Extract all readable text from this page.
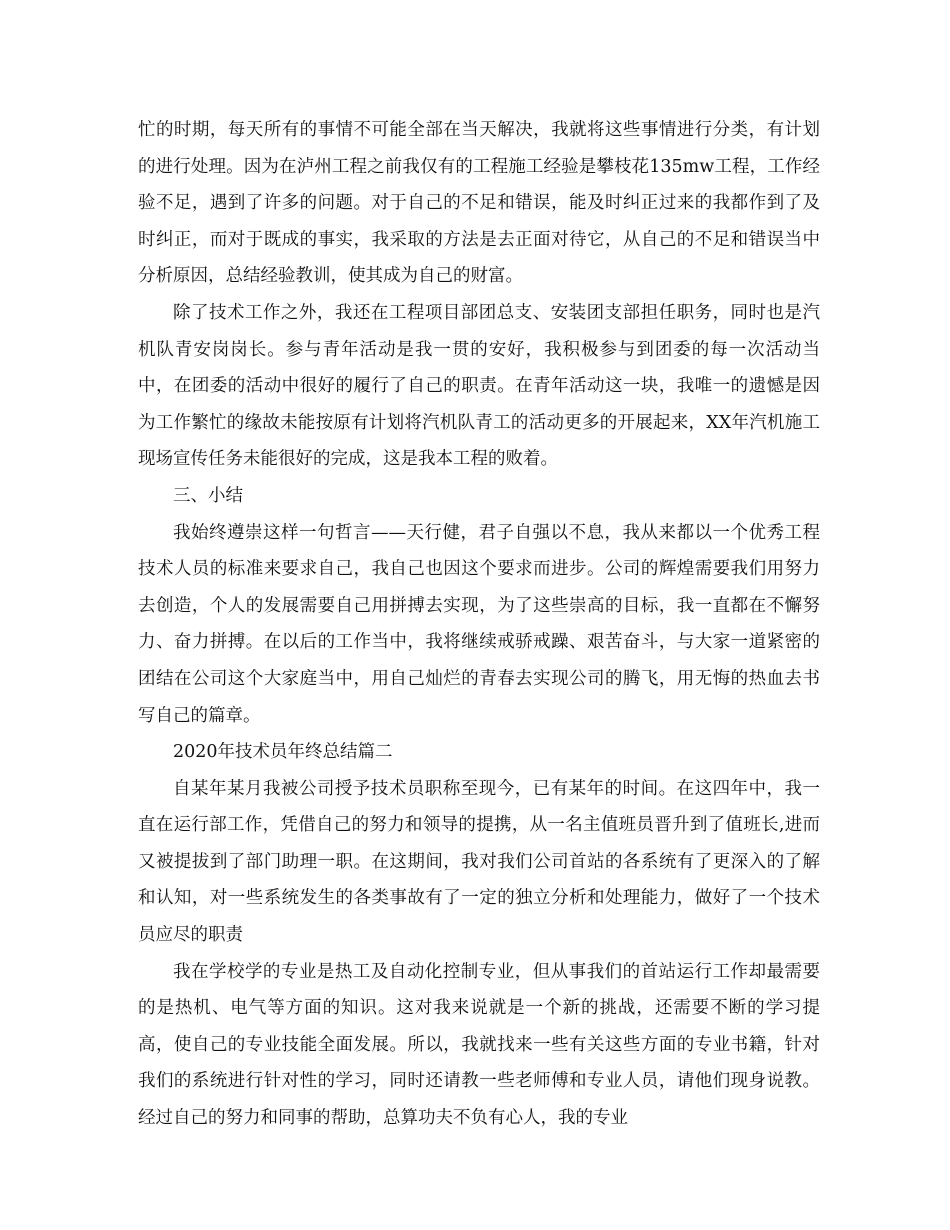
忙的时期，每天所有的事情不可能全部在当天解决，我就将这些事情进行分类，有计划的进行处理。因为在泸州工程之前我仅有的工程施工经验是攀枝花135mw工程，工作经验不足，遇到了许多的问题。对于自己的不足和错误，能及时纠正过来的我都作到了及时纠正，而对于既成的事实，我采取的方法是去正面对待它，从自己的不足和错误当中分析原因，总结经验教训，使其成为自己的财富。

除了技术工作之外，我还在工程项目部团总支、安装团支部担任职务，同时也是汽机队青安岗岗长。参与青年活动是我一贯的安好，我积极参与到团委的每一次活动当中，在团委的活动中很好的履行了自己的职责。在青年活动这一块，我唯一的遗憾是因为工作繁忙的缘故未能按原有计划将汽机队青工的活动更多的开展起来，XX年汽机施工现场宣传任务未能很好的完成，这是我本工程的败着。

三、小结

我始终遵崇这样一句哲言——天行健，君子自强以不息，我从来都以一个优秀工程技术人员的标准来要求自己，我自己也因这个要求而进步。公司的辉煌需要我们用努力去创造，个人的发展需要自己用拼搏去实现，为了这些崇高的目标，我一直都在不懈努力、奋力拼搏。在以后的工作当中，我将继续戒骄戒躁、艰苦奋斗，与大家一道紧密的团结在公司这个大家庭当中，用自己灿烂的青春去实现公司的腾飞，用无悔的热血去书写自己的篇章。

2020年技术员年终总结篇二

自某年某月我被公司授予技术员职称至现今，已有某年的时间。在这四年中，我一直在运行部工作，凭借自己的努力和领导的提携，从一名主值班员晋升到了值班长,进而又被提拔到了部门助理一职。在这期间，我对我们公司首站的各系统有了更深入的了解和认知，对一些系统发生的各类事故有了一定的独立分析和处理能力，做好了一个技术员应尽的职责

我在学校学的专业是热工及自动化控制专业，但从事我们的首站运行工作却最需要的是热机、电气等方面的知识。这对我来说就是一个新的挑战，还需要不断的学习提高，使自己的专业技能全面发展。所以，我就找来一些有关这些方面的专业书籍，针对我们的系统进行针对性的学习，同时还请教一些老师傅和专业人员，请他们现身说教。经过自己的努力和同事的帮助，总算功夫不负有心人，我的专业
